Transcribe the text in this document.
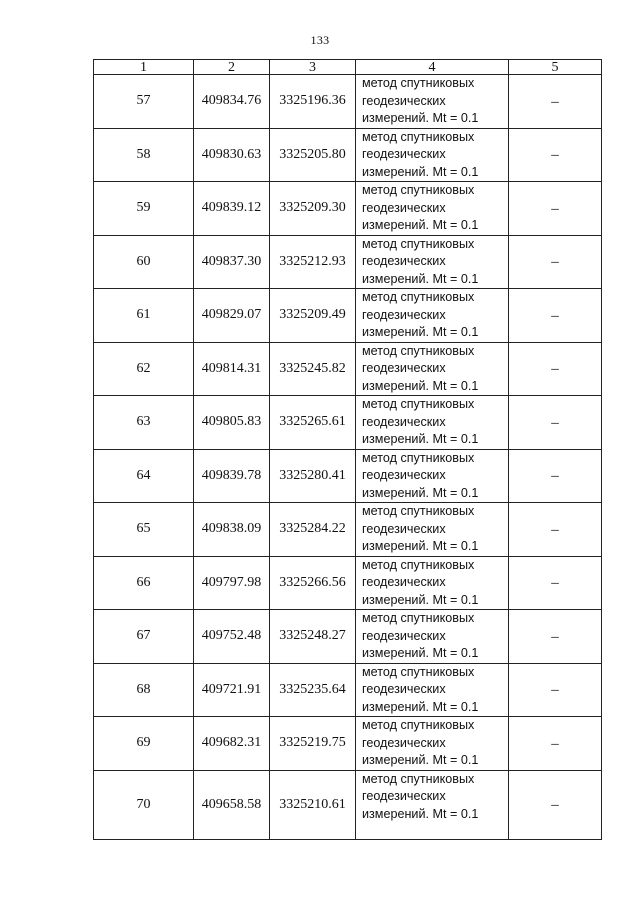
133
1	2	3	4	5
57	409834.76	3325196.36	метод спутниковых
геодезических
измерений. Mt = 0.1	–
58	409830.63	3325205.80	метод спутниковых
геодезических
измерений. Mt = 0.1	–
59	409839.12	3325209.30	метод спутниковых
геодезических
измерений. Mt = 0.1	–
60	409837.30	3325212.93	метод спутниковых
геодезических
измерений. Mt = 0.1	–
61	409829.07	3325209.49	метод спутниковых
геодезических
измерений. Mt = 0.1	–
62	409814.31	3325245.82	метод спутниковых
геодезических
измерений. Mt = 0.1	–
63	409805.83	3325265.61	метод спутниковых
геодезических
измерений. Mt = 0.1	–
64	409839.78	3325280.41	метод спутниковых
геодезических
измерений. Mt = 0.1	–
65	409838.09	3325284.22	метод спутниковых
геодезических
измерений. Mt = 0.1	–
66	409797.98	3325266.56	метод спутниковых
геодезических
измерений. Mt = 0.1	–
67	409752.48	3325248.27	метод спутниковых
геодезических
измерений. Mt = 0.1	–
68	409721.91	3325235.64	метод спутниковых
геодезических
измерений. Mt = 0.1	–
69	409682.31	3325219.75	метод спутниковых
геодезических
измерений. Mt = 0.1	–
70	409658.58	3325210.61	метод спутниковых
геодезических
измерений. Mt = 0.1	–
